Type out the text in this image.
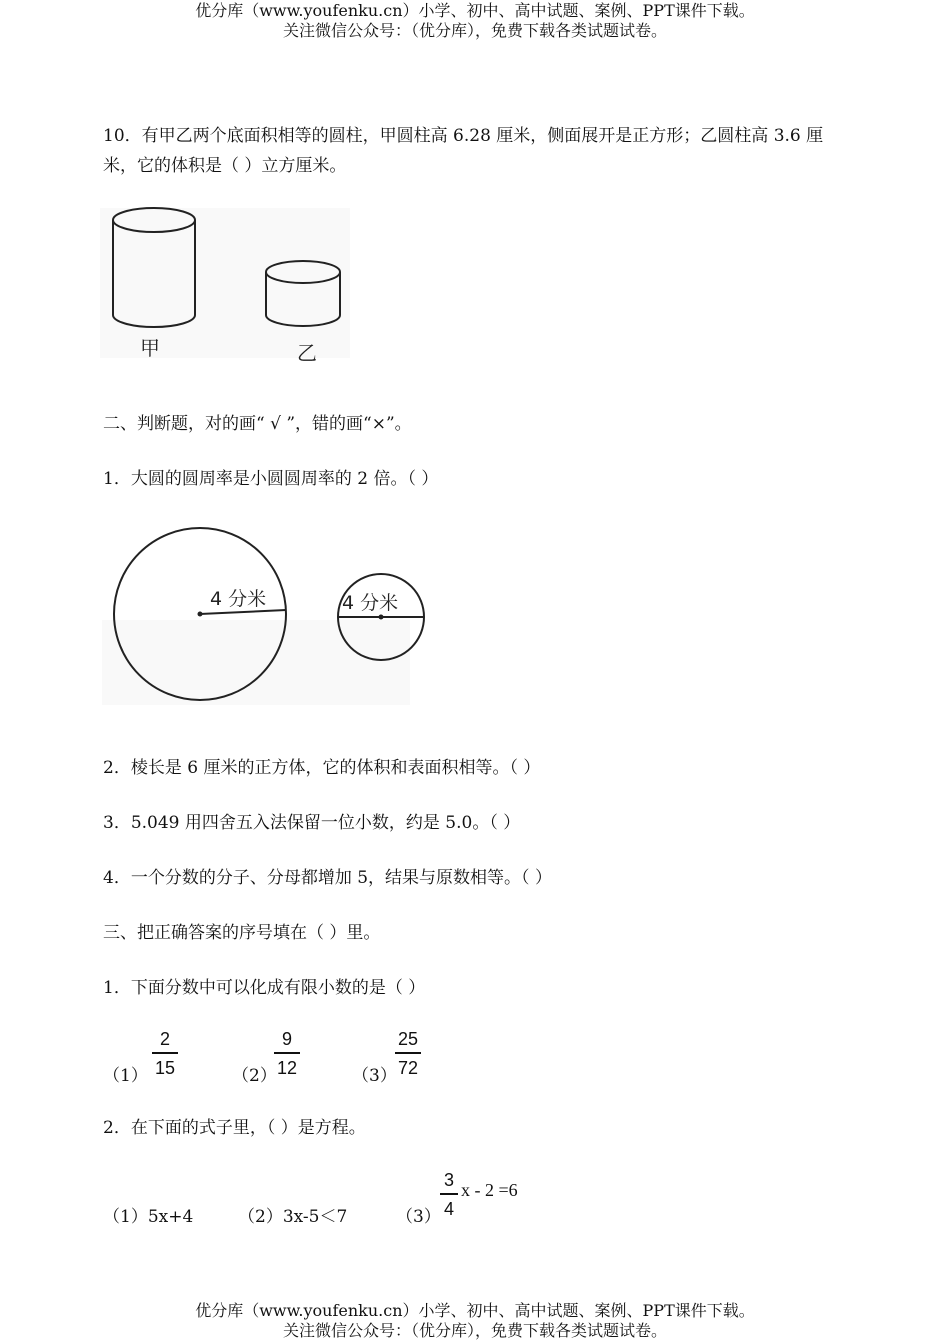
优分库（www.youfenku.cn）小学、初中、高中试题、案例、PPT课件下载。
关注微信公众号：（优分库），免费下载各类试题试卷。
10．有甲乙两个底面积相等的圆柱，甲圆柱高 6.28 厘米，侧面展开是正方形；乙圆柱高 3.6 厘
米，它的体积是（ ）立方厘米。
甲	乙
二、判断题，对的画“ √ ”，错的画“×”。
1．大圆的圆周率是小圆圆周率的 2 倍。（ ）
4 分米	4 分米
2．棱长是 6 厘米的正方体，它的体积和表面积相等。（ ）
3．5.049 用四舍五入法保留一位小数，约是 5.0。（ ）
4．一个分数的分子、分母都增加 5，结果与原数相等。（ ）
三、把正确答案的序号填在（ ）里。
1．下面分数中可以化成有限小数的是（ ）
（1）
2
15	（2）
9
12	（3）
25
72
2．在下面的式子里，（ ）是方程。
（1）5x+4	（2）3x-5＜7	（3）
3
4
x - 2 =6
优分库（www.youfenku.cn）小学、初中、高中试题、案例、PPT课件下载。
关注微信公众号：（优分库），免费下载各类试题试卷。
